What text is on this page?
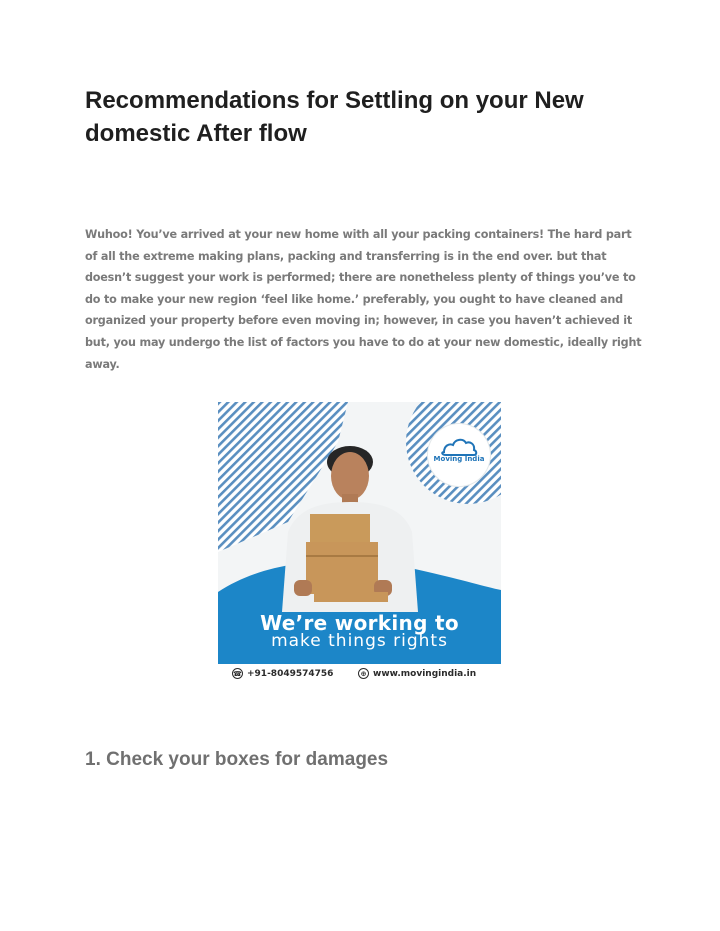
Recommendations for Settling on your New domestic After flow

Wuhoo! You’ve arrived at your new home with all your packing containers! The hard part of all the extreme making plans, packing and transferring is in the end over. but that doesn’t suggest your work is performed; there are nonetheless plenty of things you’ve to do to make your new region ‘feel like home.’ preferably, you ought to have cleaned and organized your property before even moving in; however, in case you haven’t achieved it but, you may undergo the list of factors you have to do at your new domestic, ideally right away.

Moving India
We’re working to
make things rights
☎ +91-8049574756	⊕ www.movingindia.in
1. Check your boxes for damages
